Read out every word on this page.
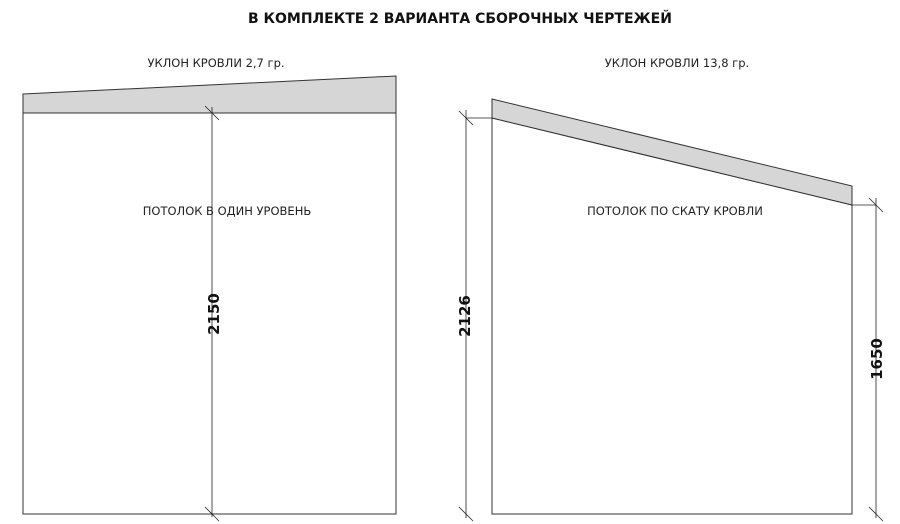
В КОМПЛЕКТЕ 2 ВАРИАНТА СБОРОЧНЫХ ЧЕРТЕЖЕЙ
УКЛОН КРОВЛИ 2,7 гр.
ПОТОЛОК В ОДИН УРОВЕНЬ
2150
УКЛОН КРОВЛИ 13,8 гр.
ПОТОЛОК ПО СКАТУ КРОВЛИ
2126
1650
